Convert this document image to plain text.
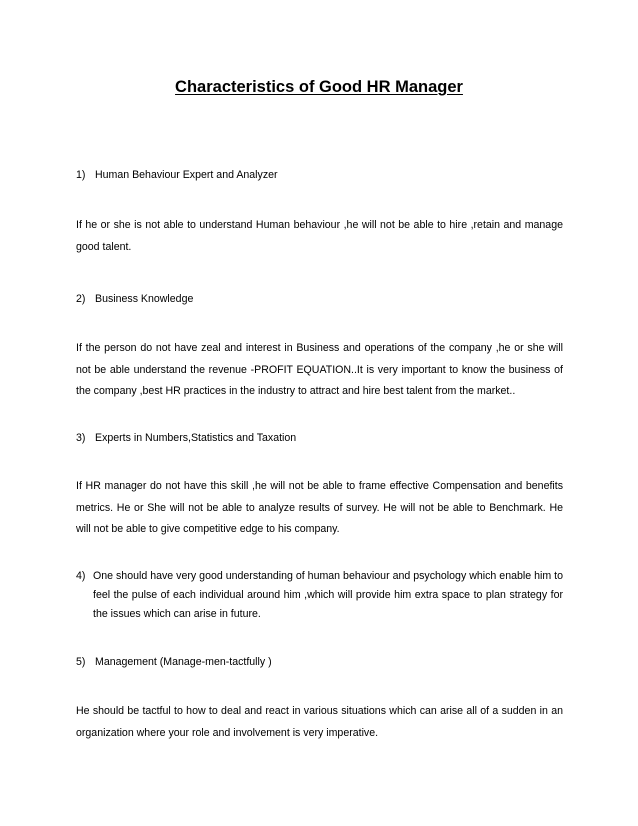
Characteristics of Good HR Manager
1) Human Behaviour Expert and Analyzer
If he or she is not able to understand Human behaviour ,he will not be able to hire ,retain and manage good talent.
2) Business Knowledge
If the person do not have zeal and interest in Business and operations of the company ,he or she will not be able understand the revenue -PROFIT EQUATION..It is very important to know the business of the company ,best HR practices in the industry to attract and hire best talent from the market..
3) Experts in Numbers,Statistics and Taxation
If HR manager do not have this skill ,he will not be able to frame effective Compensation and benefits metrics. He or She will not be able to analyze results of survey. He will not be able to Benchmark. He will not be able to give competitive edge to his company.
4) One should have very good understanding of human behaviour and psychology which enable him to feel the pulse of each individual around him ,which will provide him extra space to plan strategy for the issues which can arise in future.
5) Management (Manage-men-tactfully )
He should be tactful to how to deal and react in various situations which can arise all of a sudden in an organization where your role and involvement is very imperative.
